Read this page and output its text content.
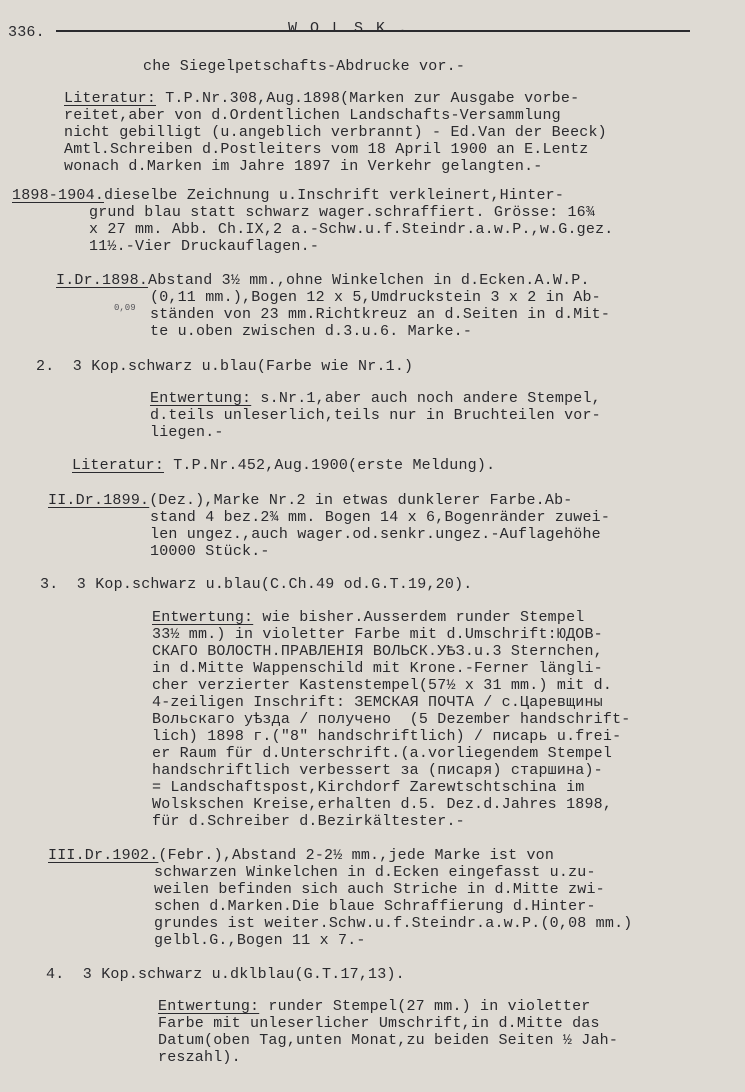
336.	W O L S K .
che Siegelpetschafts-Abdrucke vor.-
Literatur: T.P.Nr.308,Aug.1898(Marken zur Ausgabe vorbe-
reitet,aber von d.Ordentlichen Landschafts-Versammlung
nicht gebilligt (u.angeblich verbrannt) - Ed.Van der Beeck)
Amtl.Schreiben d.Postleiters vom 18 April 1900 an E.Lentz
wonach d.Marken im Jahre 1897 in Verkehr gelangten.-
1898-1904.dieselbe Zeichnung u.Inschrift verkleinert,Hinter-
grund blau statt schwarz wager.schraffiert. Grösse: 16¾
x 27 mm. Abb. Ch.IX,2 a.-Schw.u.f.Steindr.a.w.P.,w.G.gez.
11½.-Vier Druckauflagen.-
I.Dr.1898.Abstand 3½ mm.,ohne Winkelchen in d.Ecken.A.W.P.
(0,11 mm.),Bogen 12 x 5,Umdruckstein 3 x 2 in Ab-
ständen von 23 mm.Richtkreuz an d.Seiten in d.Mit-
te u.oben zwischen d.3.u.6. Marke.-
2.  3 Kop.schwarz u.blau(Farbe wie Nr.1.)
Entwertung: s.Nr.1,aber auch noch andere Stempel,
d.teils unleserlich,teils nur in Bruchteilen vor-
liegen.-
Literatur: T.P.Nr.452,Aug.1900(erste Meldung).
II.Dr.1899.(Dez.),Marke Nr.2 in etwas dunklerer Farbe.Ab-
stand 4 bez.2¾ mm. Bogen 14 x 6,Bogenränder zuwei-
len ungez.,auch wager.od.senkr.ungez.-Auflagehöhe
10000 Stück.-
3.  3 Kop.schwarz u.blau(C.Ch.49 od.G.T.19,20).
Entwertung: wie bisher.Ausserdem runder Stempel
33½ mm.) in violetter Farbe mit d.Umschrift:ЮДОВ-
СКАГО ВОЛОСТН.ПРАВЛЕНІЯ ВОЛЬСК.УѢЗ.u.3 Sternchen,
in d.Mitte Wappenschild mit Krone.-Ferner längli-
cher verzierter Kastenstempel(57½ x 31 mm.) mit d.
4-zeiligen Inschrift: ЗЕМСКАЯ ПОЧТА / с.Царевщины
Вольскаго уѣзда / получено  (5 Dezember handschrift-
lich) 1898 г.("8" handschriftlich) / писарь u.frei-
er Raum für d.Unterschrift.(a.vorliegendem Stempel
handschriftlich verbessert за (писаря) старшина)-
= Landschaftspost,Kirchdorf Zarewtschtschina im
Wolskschen Kreise,erhalten d.5. Dez.d.Jahres 1898,
für d.Schreiber d.Bezirkältester.-
III.Dr.1902.(Febr.),Abstand 2-2½ mm.,jede Marke ist von
schwarzen Winkelchen in d.Ecken eingefasst u.zu-
weilen befinden sich auch Striche in d.Mitte zwi-
schen d.Marken.Die blaue Schraffierung d.Hinter-
grundes ist weiter.Schw.u.f.Steindr.a.w.P.(0,08 mm.)
gelbl.G.,Bogen 11 x 7.-
4.  3 Kop.schwarz u.dklblau(G.T.17,13).
Entwertung: runder Stempel(27 mm.) in violetter
Farbe mit unleserlicher Umschrift,in d.Mitte das
Datum(oben Tag,unten Monat,zu beiden Seiten ½ Jah-
reszahl).
0,09
